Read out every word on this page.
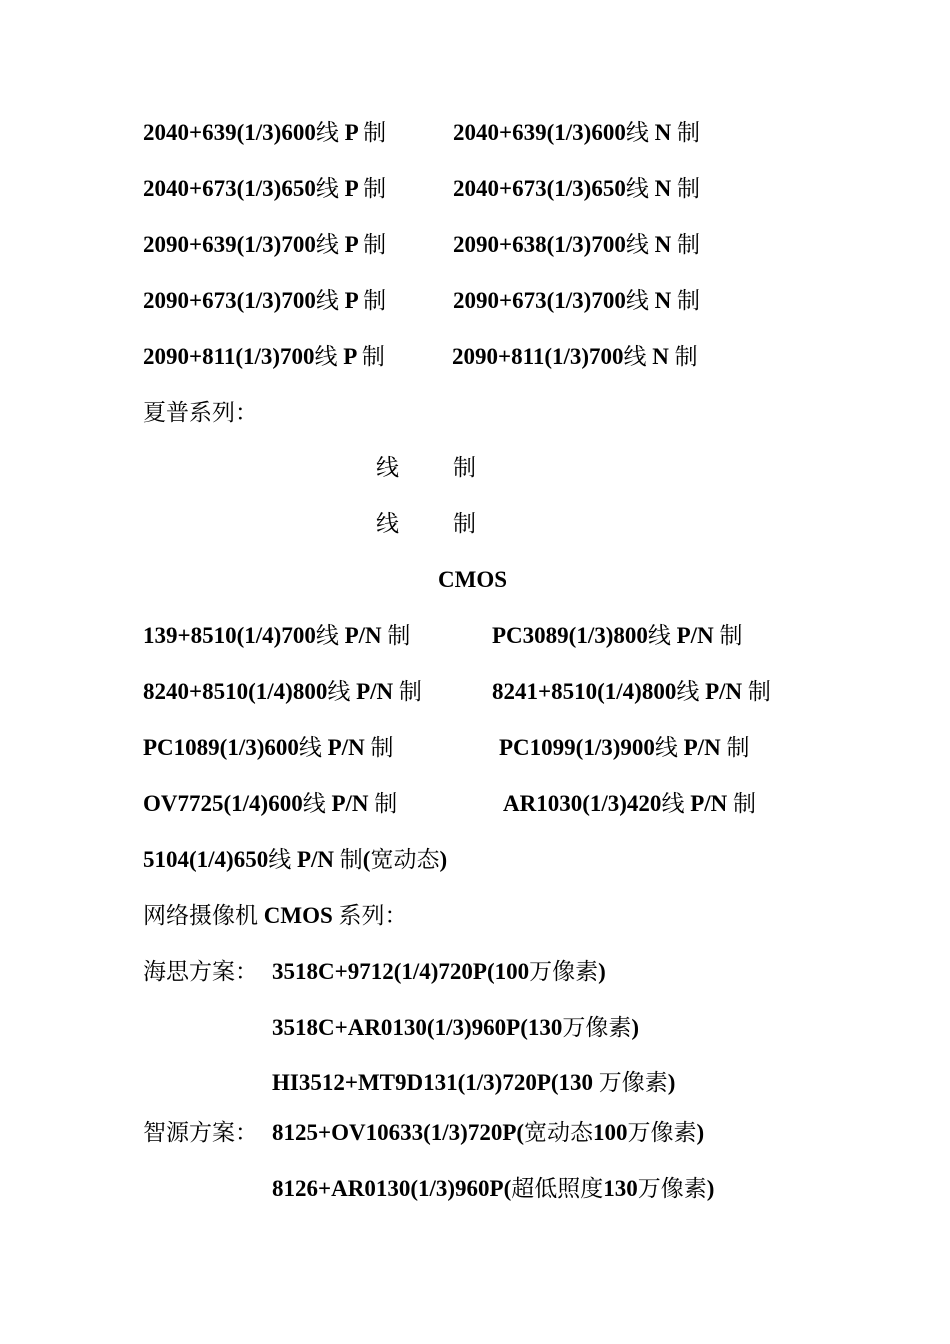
2040+639(1/3)600线 P 制	2040+639(1/3)600线 N 制
2040+673(1/3)650线 P 制	2040+673(1/3)650线 N 制
2090+639(1/3)700线 P 制	2090+638(1/3)700线 N 制
2090+673(1/3)700线 P 制	2090+673(1/3)700线 N 制
2090+811(1/3)700线 P 制	2090+811(1/3)700线 N 制
夏普系列：
线 制
线 制
CMOS
139+8510(1/4)700线 P/N 制	PC3089(1/3)800线 P/N 制
8240+8510(1/4)800线 P/N 制	8241+8510(1/4)800线 P/N 制
PC1089(1/3)600线 P/N 制	PC1099(1/3)900线 P/N 制
OV7725(1/4)600线 P/N 制	AR1030(1/3)420线 P/N 制
5104(1/4)650线 P/N 制(宽动态)
网络摄像机 CMOS 系列：
海思方案： 3518C+9712(1/4)720P(100万像素)
3518C+AR0130(1/3)960P(130万像素)
HI3512+MT9D131(1/3)720P(130 万像素)
智源方案： 8125+OV10633(1/3)720P(宽动态100万像素)
8126+AR0130(1/3)960P(超低照度130万像素)
